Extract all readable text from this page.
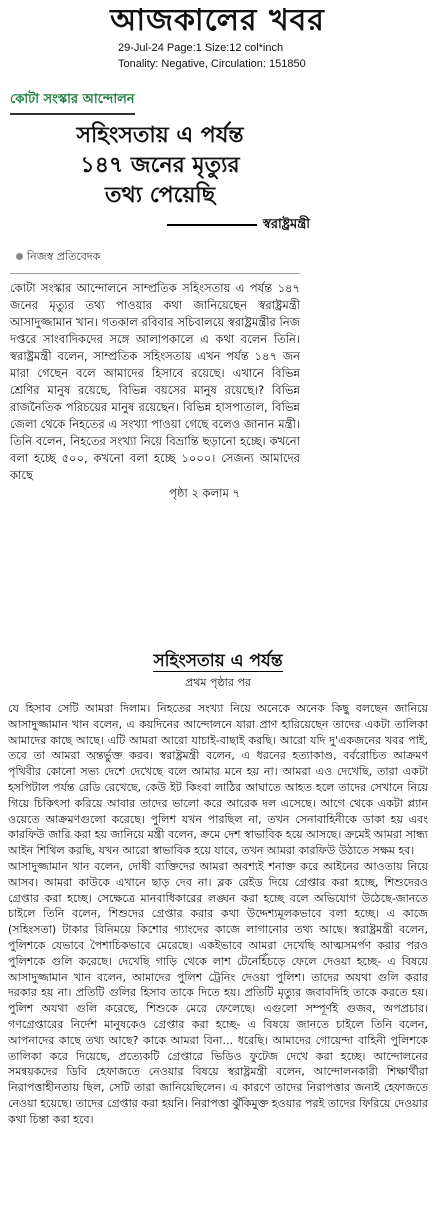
আজকালের খবর
29-Jul-24 Page:1 Size:12 col*inch
Tonality: Negative, Circulation: 151850
কোটা সংস্কার আন্দোলন
সহিংসতায় এ পর্যন্ত
১৪৭ জনের মৃত্যুর
তথ্য পেয়েছি
স্বরাষ্ট্রমন্ত্রী
নিজস্ব প্রতিবেদক
কোটা সংস্কার আন্দোলনে সাম্প্রতিক সহিংসতায় এ পর্যন্ত ১৪৭ জনের মৃত্যুর তথ্য পাওয়ার কথা জানিয়েছেন স্বরাষ্ট্রমন্ত্রী আসাদুজ্জামান খান। গতকাল রবিবার সচিবালয়ে স্বরাষ্ট্রমন্ত্রীর নিজ দপ্তরে সাংবাদিকদের সঙ্গে আলাপকালে এ কথা বলেন তিনি। স্বরাষ্ট্রমন্ত্রী বলেন, সাম্প্রতিক সহিংসতায় এখন পর্যন্ত ১৪৭ জন মারা গেছেন বলে আমাদের হিসাবে রয়েছে। এখানে বিভিন্ন শ্রেণির মানুষ রয়েছে, বিভিন্ন বয়সের মানুষ রয়েছে।? বিভিন্ন রাজনৈতিক পরিচয়ের মানুষ রয়েছেন। বিভিন্ন হাসপাতাল, বিভিন্ন জেলা থেকে নিহতের এ সংখ্যা পাওয়া গেছে বলেও জানান মন্ত্রী। তিনি বলেন, নিহতের সংখ্যা নিয়ে বিভ্রান্তি ছড়ানো হচ্ছে। কখনো বলা হচ্ছে ৫০০, কখনো বলা হচ্ছে ১০০০। সেজন্য আমাদের কাছে
পৃষ্ঠা ২ কলাম ৭
সহিংসতায় এ পর্যন্ত
প্রথম পৃষ্ঠার পর
যে হিসাব সেটি আমরা দিলাম। নিহতের সংখ্যা নিয়ে অনেকে অনেক কিছু বলছেন জানিয়ে আসাদুজ্জামান খান বলেন, এ কয়দিনের আন্দোলনে যারা প্রাণ হারিয়েছেন তাদের একটা তালিকা আমাদের কাছে আছে। এটি আমরা আরো যাচাই-বাছাই করছি। আরো যদি দু'একজনের খবর পাই, তবে তা আমরা অন্তর্ভুক্ত করব। স্বরাষ্ট্রমন্ত্রী বলেন, এ ধরনের হত্যাকাণ্ড, বর্বরোচিত আক্রমণ পৃথিবীর কোনো সভ্য দেশে দেখেছে বলে আমার মনে হয় না। আমরা এও দেখেছি, তারা একটা হসপিটাল পর্যন্ত রেডি রেখেছে, কেউ ইট কিংবা লাঠির আঘাতে আহত হলে তাদের সেখানে নিয়ে গিয়ে চিকিৎসা করিয়ে আবার তাদের ভালো করে আরেক দল এসেছে। আগে থেকে একটা প্ল্যান ওয়েতে আক্রমণগুলো করেছে। পুলিশ যখন পারছিল না, তখন সেনাবাহিনীকে ডাকা হয় এবং কারফিউ জারি করা হয় জানিয়ে মন্ত্রী বলেন, ক্রমে দেশ স্বাভাবিক হয়ে আসছে। ক্রমেই আমরা সান্ধ্য আইন শিথিল করছি, যখন আরো স্বাভাবিক হয়ে যাবে, তখন আমরা কারফিউ উঠাতে সক্ষম হব।
আসাদুজ্জামান খান বলেন, দোষী ব্যক্তিদের আমরা অবশ্যই শনাক্ত করে আইনের আওতায় নিয়ে আসব। আমরা কাউকে এখানে ছাড় দেব না। ব্লক রেইড দিয়ে গ্রেপ্তার করা হচ্ছে, শিশুদেরও গ্রেপ্তার করা হচ্ছে। সেক্ষেত্রে মানবাধিকারের লঙ্ঘন করা হচ্ছে বলে অভিযোগ উঠেছে-জানতে চাইলে তিনি বলেন, শিশুদের গ্রেপ্তার করার কথা উদ্দেশ্যমূলকভাবে বলা হচ্ছে। এ কাজে (সহিংসতা) টাকার বিনিময়ে কিশোর গ্যাংদের কাজে লাগানোর তথ্য আছে। স্বরাষ্ট্রমন্ত্রী বলেন, পুলিশকে যেভাবে পৈশাচিকভাবে মেরেছে। একইভাবে আমরা দেখেছি আত্মসমর্পণ করার পরও পুলিশকে গুলি করেছে। দেখেছি গাড়ি থেকে লাশ টেনেহিঁচড়ে ফেলে দেওয়া হচ্ছে- এ বিষয়ে আসাদুজ্জামান খান বলেন, আমাদের পুলিশ ট্রেনিং দেওয়া পুলিশ। তাদের অযথা গুলি করার দরকার হয় না। প্রতিটি গুলির হিসাব তাকে দিতে হয়। প্রতিটি মৃত্যুর জবাবদিহি তাকে করতে হয়। পুলিশ অযথা গুলি করেছে, শিশুকে মেরে ফেলেছে। এগুলো সম্পূর্ণই গুজব, অপপ্রচার। গণগ্রেপ্তারের নির্দেশ মানুষকেও গ্রেপ্তার করা হচ্ছে- এ বিষয়ে জানতে চাইলে তিনি বলেন, আপনাদের কাছে তথ্য আছে? কাকে আমরা বিনা... ধরেছি। আমাদের গোয়েন্দা বাহিনী পুলিশকে তালিকা করে দিয়েছে, প্রত্যেকটি গ্রেপ্তারে ভিডিও ফুটেজ দেখে করা হচ্ছে। আন্দোলনের সমন্বয়কদের ডিবি হেফাজতে নেওয়ার বিষয়ে স্বরাষ্ট্রমন্ত্রী বলেন, আন্দোলনকারী শিক্ষার্থীরা নিরাপত্তাহীনতায় ছিল, সেটি তারা জানিয়েছিলেন। এ কারণে তাদের নিরাপত্তার জন্যই হেফাজতে নেওয়া হয়েছে। তাদের গ্রেপ্তার করা হয়নি। নিরাপত্তা ঝুঁকিমুক্ত হওয়ার পরই তাদের ফিরিয়ে দেওয়ার কথা চিন্তা করা হবে।
